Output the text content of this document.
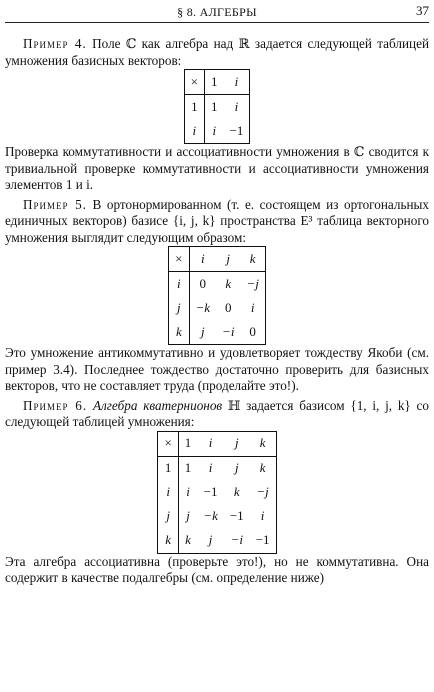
§ 8. АЛГЕБРЫ	37

Пример 4. Поле ℂ как алгебра над ℝ задается следующей таблицей умножения базисных векторов:

×	1	i
1	1	i
i	i	−1

Проверка коммутативности и ассоциативности умножения в ℂ сводится к тривиальной проверке коммутативности и ассоциативности умножения элементов 1 и i.

Пример 5. В ортонормированном (т. е. состоящем из ортогональных единичных векторов) базисе {i, j, k} пространства E³ таблица векторного умножения выглядит следующим образом:

×	i	j	k
i	0	k	−j
j	−k	0	i
k	j	−i	0

Это умножение антикоммутативно и удовлетворяет тождеству Якоби (см. пример 3.4). Последнее тождество достаточно проверить для базисных векторов, что не составляет труда (проделайте это!).

Пример 6. Алгебра кватернионов ℍ задается базисом {1, i, j, k} со следующей таблицей умножения:

×	1	i	j	k
1	1	i	j	k
i	i	−1	k	−j
j	j	−k	−1	i
k	k	j	−i	−1

Эта алгебра ассоциативна (проверьте это!), но не коммутативна. Она содержит в качестве подалгебры (см. определение ниже)
